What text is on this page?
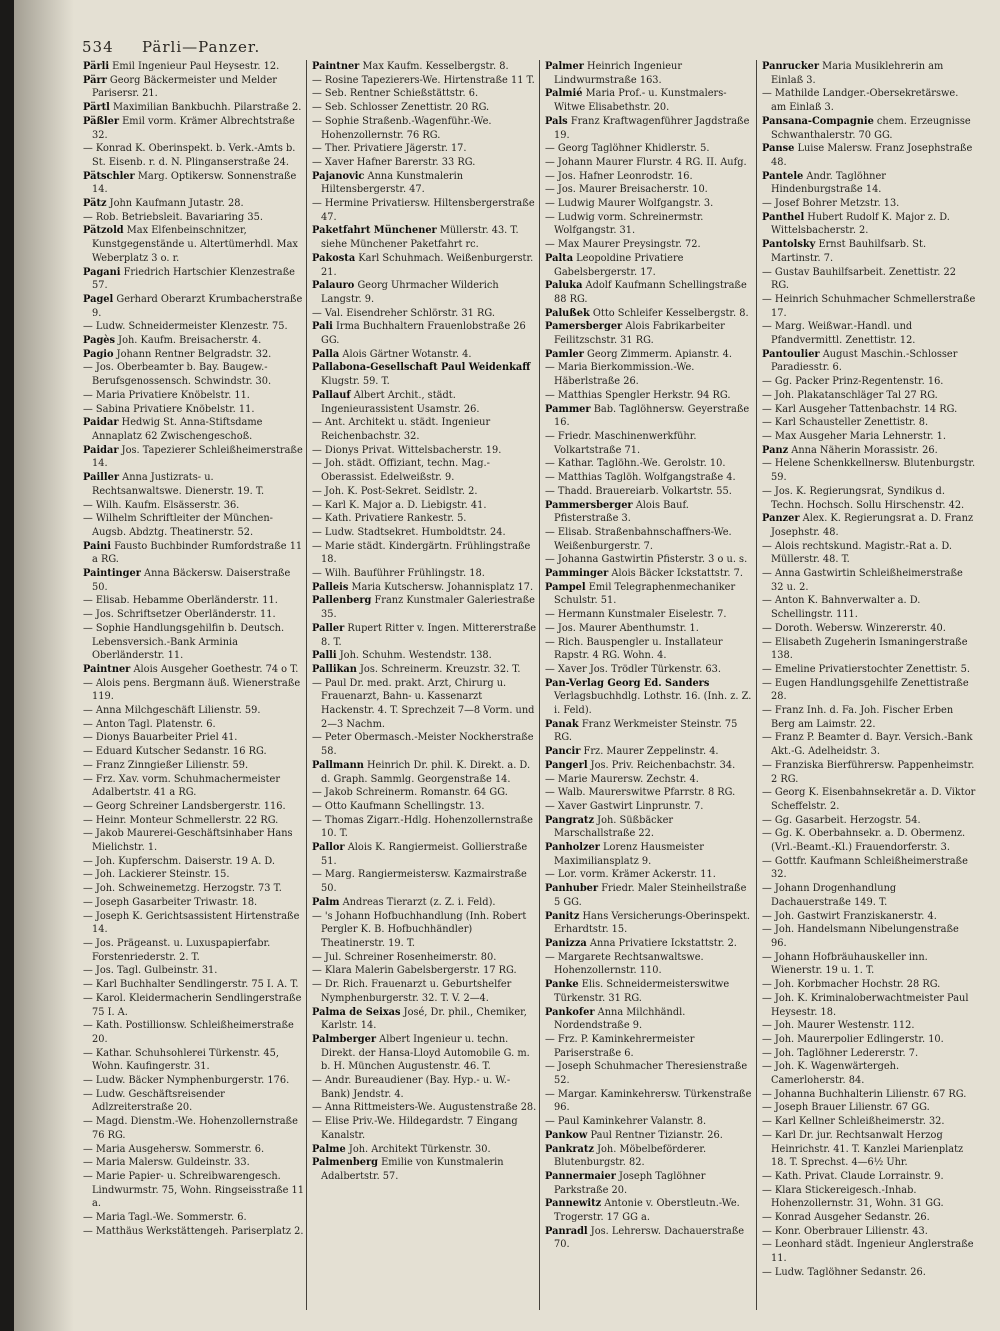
534 Pärli—Panzer.

Pärli Emil Ingenieur Paul Heysestr. 12.

Pärr Georg Bäckermeister und Melder Parisersr. 21.

Pärtl Maximilian Bankbuchh. Pilarstraße 2.

Päßler Emil vorm. Krämer Albrechtstraße 32.

— Konrad K. Oberinspekt. b. Verk.-Amts b. St. Eisenb. r. d. N. Plinganserstraße 24.

Pätschler Marg. Optikersw. Sonnenstraße 14.

Pätz John Kaufmann Jutastr. 28.

— Rob. Betriebsleit. Bavariaring 35.

Pätzold Max Elfenbeinschnitzer, Kunstgegenstände u. Altertümerhdl. Max Weberplatz 3 o. r.

Pagani Friedrich Hartschier Klenzestraße 57.

Pagel Gerhard Oberarzt Krumbacherstraße 9.

— Ludw. Schneidermeister Klenzestr. 75.

Pagès Joh. Kaufm. Breisacherstr. 4.

Pagio Johann Rentner Belgradstr. 32.

— Jos. Oberbeamter b. Bay. Baugew.-Berufsgenossensch. Schwindstr. 30.

— Maria Privatiere Knöbelstr. 11.

— Sabina Privatiere Knöbelstr. 11.

Paidar Hedwig St. Anna-Stiftsdame Annaplatz 62 Zwischengeschoß.

Paidar Jos. Tapezierer Schleißheimerstraße 14.

Pailler Anna Justizrats- u. Rechtsanwaltswe. Dienerstr. 19. T.

— Wilh. Kaufm. Elsässerstr. 36.

— Wilhelm Schriftleiter der München-Augsb. Abdztg. Theatinerstr. 52.

Paini Fausto Buchbinder Rumfordstraße 11 a RG.

Paintinger Anna Bäckersw. Daiserstraße 50.

— Elisab. Hebamme Oberländerstr. 11.

— Jos. Schriftsetzer Oberländerstr. 11.

— Sophie Handlungsgehilfin b. Deutsch. Lebensversich.-Bank Arminia Oberländerstr. 11.

Paintner Alois Ausgeher Goethestr. 74 o T.

— Alois pens. Bergmann äuß. Wienerstraße 119.

— Anna Milchgeschäft Lilienstr. 59.

— Anton Tagl. Platenstr. 6.

— Dionys Bauarbeiter Priel 41.

— Eduard Kutscher Sedanstr. 16 RG.

— Franz Zinngießer Lilienstr. 59.

— Frz. Xav. vorm. Schuhmachermeister Adalbertstr. 41 a RG.

— Georg Schreiner Landsbergerstr. 116.

— Heinr. Monteur Schmellerstr. 22 RG.

— Jakob Maurerei-Geschäftsinhaber Hans Mielichstr. 1.

— Joh. Kupferschm. Daiserstr. 19 A. D.

— Joh. Lackierer Steinstr. 15.

— Joh. Schweinemetzg. Herzogstr. 73 T.

— Joseph Gasarbeiter Triwastr. 18.

— Joseph K. Gerichtsassistent Hirtenstraße 14.

— Jos. Prägeanst. u. Luxuspapierfabr. Forstenriederstr. 2. T.

— Jos. Tagl. Gulbeinstr. 31.

— Karl Buchhalter Sendlingerstr. 75 I. A. T.

— Karol. Kleidermacherin Sendlingerstraße 75 I. A.

— Kath. Postillionsw. Schleißheimerstraße 20.

— Kathar. Schuhsohlerei Türkenstr. 45, Wohn. Kaufingerstr. 31.

— Ludw. Bäcker Nymphenburgerstr. 176.

— Ludw. Geschäftsreisender Adlzreiterstraße 20.

— Magd. Dienstm.-We. Hohenzollernstraße 76 RG.

— Maria Ausgehersw. Sommerstr. 6.

— Maria Malersw. Guldeinstr. 33.

— Marie Papier- u. Schreibwarengesch. Lindwurmstr. 75, Wohn. Ringseisstraße 11 a.

— Maria Tagl.-We. Sommerstr. 6.

— Matthäus Werkstättengeh. Pariserplatz 2.

Paintner Max Kaufm. Kesselbergstr. 8.

— Rosine Tapezierers-We. Hirtenstraße 11 T.

— Seb. Rentner Schießstättstr. 6.

— Seb. Schlosser Zenettistr. 20 RG.

— Sophie Straßenb.-Wagenführ.-We. Hohenzollernstr. 76 RG.

— Ther. Privatiere Jägerstr. 17.

— Xaver Hafner Barerstr. 33 RG.

Pajanovic Anna Kunstmalerin Hiltensbergerstr. 47.

— Hermine Privatiersw. Hiltensbergerstraße 47.

Paketfahrt Münchener Müllerstr. 43. T. siehe Münchener Paketfahrt rc.

Pakosta Karl Schuhmach. Weißenburgerstr. 21.

Palauro Georg Uhrmacher Wilderich Langstr. 9.

— Val. Eisendreher Schlörstr. 31 RG.

Pali Irma Buchhaltern Frauenlobstraße 26 GG.

Palla Alois Gärtner Wotanstr. 4.

Pallabona-Gesellschaft Paul Weidenkaff Klugstr. 59. T.

Pallauf Albert Archit., städt. Ingenieurassistent Usamstr. 26.

— Ant. Architekt u. städt. Ingenieur Reichenbachstr. 32.

— Dionys Privat. Wittelsbacherstr. 19.

— Joh. städt. Offiziant, techn. Mag.-Oberassist. Edelweißstr. 9.

— Joh. K. Post-Sekret. Seidlstr. 2.

— Karl K. Major a. D. Liebigstr. 41.

— Kath. Privatiere Rankestr. 5.

— Ludw. Stadtsekret. Humboldtstr. 24.

— Marie städt. Kindergärtn. Frühlingstraße 18.

— Wilh. Bauführer Frühlingstr. 18.

Palleis Maria Kutschersw. Johannisplatz 17.

Pallenberg Franz Kunstmaler Galeriestraße 35.

Paller Rupert Ritter v. Ingen. Mittererstraße 8. T.

Palli Joh. Schuhm. Westendstr. 138.

Pallikan Jos. Schreinerm. Kreuzstr. 32. T.

— Paul Dr. med. prakt. Arzt, Chirurg u. Frauenarzt, Bahn- u. Kassenarzt Hackenstr. 4. T. Sprechzeit 7—8 Vorm. und 2—3 Nachm.

— Peter Obermasch.-Meister Nockherstraße 58.

Pallmann Heinrich Dr. phil. K. Direkt. a. D. d. Graph. Sammlg. Georgenstraße 14.

— Jakob Schreinerm. Romanstr. 64 GG.

— Otto Kaufmann Schellingstr. 13.

— Thomas Zigarr.-Hdlg. Hohenzollernstraße 10. T.

Pallor Alois K. Rangiermeist. Gollierstraße 51.

— Marg. Rangiermeistersw. Kazmairstraße 50.

Palm Andreas Tierarzt (z. Z. i. Feld).

— 's Johann Hofbuchhandlung (Inh. Robert Pergler K. B. Hofbuchhändler) Theatinerstr. 19. T.

— Jul. Schreiner Rosenheimerstr. 80.

— Klara Malerin Gabelsbergerstr. 17 RG.

— Dr. Rich. Frauenarzt u. Geburtshelfer Nymphenburgerstr. 32. T. V. 2—4.

Palma de Seixas José, Dr. phil., Chemiker, Karlstr. 14.

Palmberger Albert Ingenieur u. techn. Direkt. der Hansa-Lloyd Automobile G. m. b. H. München Augustenstr. 46. T.

— Andr. Bureaudiener (Bay. Hyp.- u. W.-Bank) Jendstr. 4.

— Anna Rittmeisters-We. Augustenstraße 28.

— Elise Priv.-We. Hildegardstr. 7 Eingang Kanalstr.

Palme Joh. Architekt Türkenstr. 30.

Palmenberg Emilie von Kunstmalerin Adalbertstr. 57.

Palmer Heinrich Ingenieur Lindwurmstraße 163.

Palmié Maria Prof.- u. Kunstmalers-Witwe Elisabethstr. 20.

Pals Franz Kraftwagenführer Jagdstraße 19.

— Georg Taglöhner Khidlerstr. 5.

— Johann Maurer Flurstr. 4 RG. II. Aufg.

— Jos. Hafner Leonrodstr. 16.

— Jos. Maurer Breisacherstr. 10.

— Ludwig Maurer Wolfgangstr. 3.

— Ludwig vorm. Schreinermstr. Wolfgangstr. 31.

— Max Maurer Preysingstr. 72.

Palta Leopoldine Privatiere Gabelsbergerstr. 17.

Paluka Adolf Kaufmann Schellingstraße 88 RG.

Palußek Otto Schleifer Kesselbergstr. 8.

Pamersberger Alois Fabrikarbeiter Feilitzschstr. 31 RG.

Pamler Georg Zimmerm. Apianstr. 4.

— Maria Bierkommission.-We. Häberlstraße 26.

— Matthias Spengler Herkstr. 94 RG.

Pammer Bab. Taglöhnersw. Geyerstraße 16.

— Friedr. Maschinenwerkführ. Volkartstraße 71.

— Kathar. Taglöhn.-We. Gerolstr. 10.

— Matthias Taglöh. Wolfgangstraße 4.

— Thadd. Brauereiarb. Volkartstr. 55.

Pammersberger Alois Bauf. Pfisterstraße 3.

— Elisab. Straßenbahnschaffners-We. Weißenburgerstr. 7.

— Johanna Gastwirtin Pfisterstr. 3 o u. s.

Pamminger Alois Bäcker Ickstattstr. 7.

Pampel Emil Telegraphenmechaniker Schulstr. 51.

— Hermann Kunstmaler Eiselestr. 7.

— Jos. Maurer Abenthumstr. 1.

— Rich. Bauspengler u. Installateur Rapstr. 4 RG. Wohn. 4.

— Xaver Jos. Trödler Türkenstr. 63.

Pan-Verlag Georg Ed. Sanders Verlagsbuchhdlg. Lothstr. 16. (Inh. z. Z. i. Feld).

Panak Franz Werkmeister Steinstr. 75 RG.

Pancir Frz. Maurer Zeppelinstr. 4.

Pangerl Jos. Priv. Reichenbachstr. 34.

— Marie Maurersw. Zechstr. 4.

— Walb. Maurerswitwe Pfarrstr. 8 RG.

— Xaver Gastwirt Linprunstr. 7.

Pangratz Joh. Süßbäcker Marschallstraße 22.

Panholzer Lorenz Hausmeister Maximiliansplatz 9.

— Lor. vorm. Krämer Ackerstr. 11.

Panhuber Friedr. Maler Steinheilstraße 5 GG.

Panitz Hans Versicherungs-Oberinspekt. Erhardtstr. 15.

Panizza Anna Privatiere Ickstattstr. 2.

— Margarete Rechtsanwaltswe. Hohenzollernstr. 110.

Panke Elis. Schneidermeisterswitwe Türkenstr. 31 RG.

Pankofer Anna Milchhändl. Nordendstraße 9.

— Frz. P. Kaminkehrermeister Pariserstraße 6.

— Joseph Schuhmacher Theresienstraße 52.

— Margar. Kaminkehrersw. Türkenstraße 96.

— Paul Kaminkehrer Valanstr. 8.

Pankow Paul Rentner Tizianstr. 26.

Pankratz Joh. Möbelbeförderer. Blutenburgstr. 82.

Pannermaier Joseph Taglöhner Parkstraße 20.

Pannewitz Antonie v. Oberstleutn.-We. Trogerstr. 17 GG a.

Panradl Jos. Lehrersw. Dachauerstraße 70.

Panrucker Maria Musiklehrerin am Einlaß 3.

— Mathilde Landger.-Obersekretärswe. am Einlaß 3.

Pansana-Compagnie chem. Erzeugnisse Schwanthalerstr. 70 GG.

Panse Luise Malersw. Franz Josephstraße 48.

Pantele Andr. Taglöhner Hindenburgstraße 14.

— Josef Bohrer Metzstr. 13.

Panthel Hubert Rudolf K. Major z. D. Wittelsbacherstr. 2.

Pantolsky Ernst Bauhilfsarb. St. Martinstr. 7.

— Gustav Bauhilfsarbeit. Zenettistr. 22 RG.

— Heinrich Schuhmacher Schmellerstraße 17.

— Marg. Weißwar.-Handl. und Pfandvermittl. Zenettistr. 12.

Pantoulier August Maschin.-Schlosser Paradiesstr. 6.

— Gg. Packer Prinz-Regentenstr. 16.

— Joh. Plakatanschläger Tal 27 RG.

— Karl Ausgeher Tattenbachstr. 14 RG.

— Karl Schausteller Zenettistr. 8.

— Max Ausgeher Maria Lehnerstr. 1.

Panz Anna Näherin Morassistr. 26.

— Helene Schenkkellnersw. Blutenburgstr. 59.

— Jos. K. Regierungsrat, Syndikus d. Techn. Hochsch. Sollu Hirschenstr. 42.

Panzer Alex. K. Regierungsrat a. D. Franz Josephstr. 48.

— Alois rechtskund. Magistr.-Rat a. D. Müllerstr. 48. T.

— Anna Gastwirtin Schleißheimerstraße 32 u. 2.

— Anton K. Bahnverwalter a. D. Schellingstr. 111.

— Doroth. Webersw. Winzererstr. 40.

— Elisabeth Zugeherin Ismaningerstraße 138.

— Emeline Privatierstochter Zenettistr. 5.

— Eugen Handlungsgehilfe Zenettistraße 28.

— Franz Inh. d. Fa. Joh. Fischer Erben Berg am Laimstr. 22.

— Franz P. Beamter d. Bayr. Versich.-Bank Akt.-G. Adelheidstr. 3.

— Franziska Bierführersw. Pappenheimstr. 2 RG.

— Georg K. Eisenbahnsekretär a. D. Viktor Scheffelstr. 2.

— Gg. Gasarbeit. Herzogstr. 54.

— Gg. K. Oberbahnsekr. a. D. Obermenz. (Vrl.-Beamt.-Kl.) Frauendorferstr. 3.

— Gottfr. Kaufmann Schleißheimerstraße 32.

— Johann Drogenhandlung Dachauerstraße 149. T.

— Joh. Gastwirt Franziskanerstr. 4.

— Joh. Handelsmann Nibelungenstraße 96.

— Johann Hofbräuhauskeller inn. Wienerstr. 19 u. 1. T.

— Joh. Korbmacher Hochstr. 28 RG.

— Joh. K. Kriminaloberwachtmeister Paul Heysestr. 18.

— Joh. Maurer Westenstr. 112.

— Joh. Maurerpolier Edlingerstr. 10.

— Joh. Taglöhner Ledererstr. 7.

— Joh. K. Wagenwärtergeh. Camerloherstr. 84.

— Johanna Buchhalterin Lilienstr. 67 RG.

— Joseph Brauer Lilienstr. 67 GG.

— Karl Kellner Schleißheimerstr. 32.

— Karl Dr. jur. Rechtsanwalt Herzog Heinrichstr. 41. T. Kanzlei Marienplatz 18. T. Sprechst. 4—6½ Uhr.

— Kath. Privat. Claude Lorrainstr. 9.

— Klara Stickereigesch.-Inhab. Hohenzollernstr. 31, Wohn. 31 GG.

— Konrad Ausgeher Sedanstr. 26.

— Konr. Oberbrauer Lilienstr. 43.

— Leonhard städt. Ingenieur Anglerstraße 11.

— Ludw. Taglöhner Sedanstr. 26.
